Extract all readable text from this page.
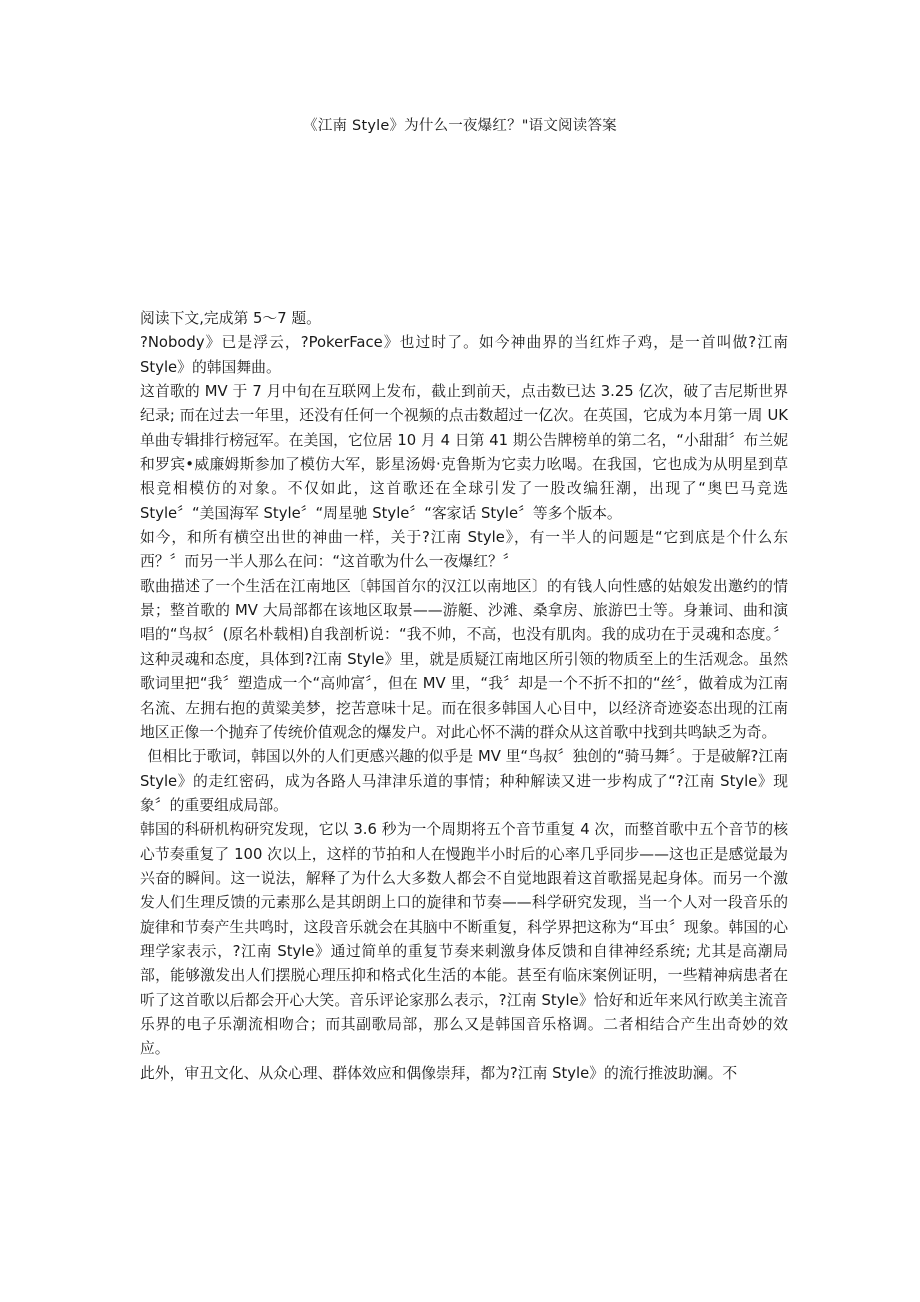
《江南 Style》为什么一夜爆红？"语文阅读答案

阅读下文,完成第 5～7 题。

?Nobody》已是浮云，?PokerFace》也过时了。如今神曲界的当红炸子鸡，是一首叫做?江南 Style》的韩国舞曲。

这首歌的 MV 于 7 月中旬在互联网上发布，截止到前天，点击数已达 3.25 亿次，破了吉尼斯世界纪录; 而在过去一年里，还没有任何一个视频的点击数超过一亿次。在英国，它成为本月第一周 UK 单曲专辑排行榜冠军。在美国，它位居 10 月 4 日第 41 期公告牌榜单的第二名，“小甜甜〞布兰妮和罗宾•威廉姆斯参加了模仿大军，影星汤姆·克鲁斯为它卖力吆喝。在我国，它也成为从明星到草根竞相模仿的对象。不仅如此，这首歌还在全球引发了一股改编狂潮，出现了“奥巴马竞选 Style〞“美国海军 Style〞“周星驰 Style〞“客家话 Style〞等多个版本。

如今，和所有横空出世的神曲一样，关于?江南 Style》，有一半人的问题是“它到底是个什么东西？〞而另一半人那么在问：“这首歌为什么一夜爆红？〞

歌曲描述了一个生活在江南地区〔韩国首尔的汉江以南地区〕的有钱人向性感的姑娘发出邀约的情景；整首歌的 MV 大局部都在该地区取景——游艇、沙滩、桑拿房、旅游巴士等。身兼词、曲和演唱的“鸟叔〞(原名朴载相)自我剖析说：“我不帅，不高，也没有肌肉。我的成功在于灵魂和态度。〞这种灵魂和态度，具体到?江南 Style》里，就是质疑江南地区所引领的物质至上的生活观念。虽然歌词里把“我〞塑造成一个“高帅富〞，但在 MV 里，“我〞却是一个不折不扣的“丝〞，做着成为江南名流、左拥右抱的黄粱美梦，挖苦意味十足。而在很多韩国人心目中，以经济奇迹姿态出现的江南地区正像一个抛弃了传统价值观念的爆发户。对此心怀不满的群众从这首歌中找到共鸣缺乏为奇。

但相比于歌词，韩国以外的人们更感兴趣的似乎是 MV 里“鸟叔〞独创的“骑马舞〞。于是破解?江南 Style》的走红密码，成为各路人马津津乐道的事情；种种解读又进一步构成了“?江南 Style》现象〞的重要组成局部。

韩国的科研机构研究发现，它以 3.6 秒为一个周期将五个音节重复 4 次，而整首歌中五个音节的核心节奏重复了 100 次以上，这样的节拍和人在慢跑半小时后的心率几乎同步——这也正是感觉最为兴奋的瞬间。这一说法，解释了为什么大多数人都会不自觉地跟着这首歌摇晃起身体。而另一个激发人们生理反馈的元素那么是其朗朗上口的旋律和节奏——科学研究发现，当一个人对一段音乐的旋律和节奏产生共鸣时，这段音乐就会在其脑中不断重复，科学界把这称为“耳虫〞现象。韩国的心理学家表示，?江南 Style》通过简单的重复节奏来刺激身体反馈和自律神经系统; 尤其是高潮局部，能够激发出人们摆脱心理压抑和格式化生活的本能。甚至有临床案例证明，一些精神病患者在听了这首歌以后都会开心大笑。音乐评论家那么表示，?江南 Style》恰好和近年来风行欧美主流音乐界的电子乐潮流相吻合；而其副歌局部，那么又是韩国音乐格调。二者相结合产生出奇妙的效应。

此外，审丑文化、从众心理、群体效应和偶像崇拜，都为?江南 Style》的流行推波助澜。不
